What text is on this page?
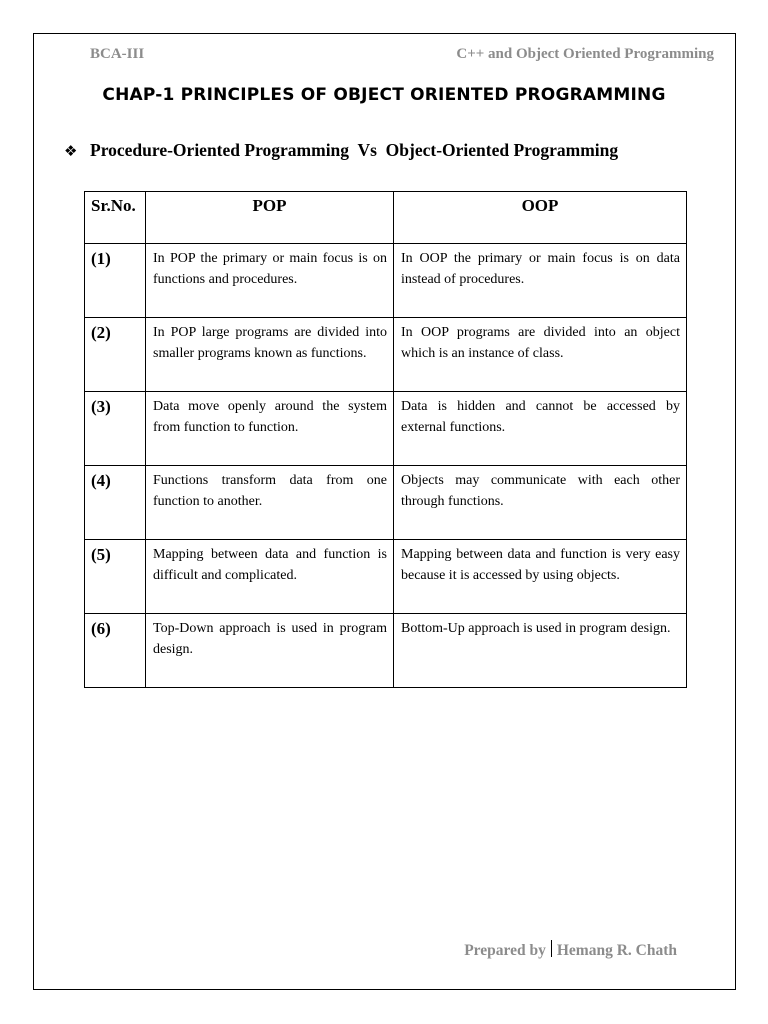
BCA-III	C++ and Object Oriented Programming
CHAP-1 PRINCIPLES OF OBJECT ORIENTED PROGRAMMING
❖ Procedure-Oriented Programming  Vs  Object-Oriented Programming
Sr.No.	POP	OOP
(1)	In POP the primary or main focus is on functions and procedures.	In OOP the primary or main focus is on data instead of procedures.
(2)	In POP large programs are divided into smaller programs known as functions.	In OOP programs are divided into an object which is an instance of class.
(3)	Data move openly around the system from function to function.	Data is hidden and cannot be accessed by external functions.
(4)	Functions transform data from one function to another.	Objects may communicate with each other through functions.
(5)	Mapping between data and function is difficult and complicated.	Mapping between data and function is very easy because it is accessed by using objects.
(6)	Top-Down approach is used in program design.	Bottom-Up approach is used in program design.
Prepared by Hemang R. Chath
